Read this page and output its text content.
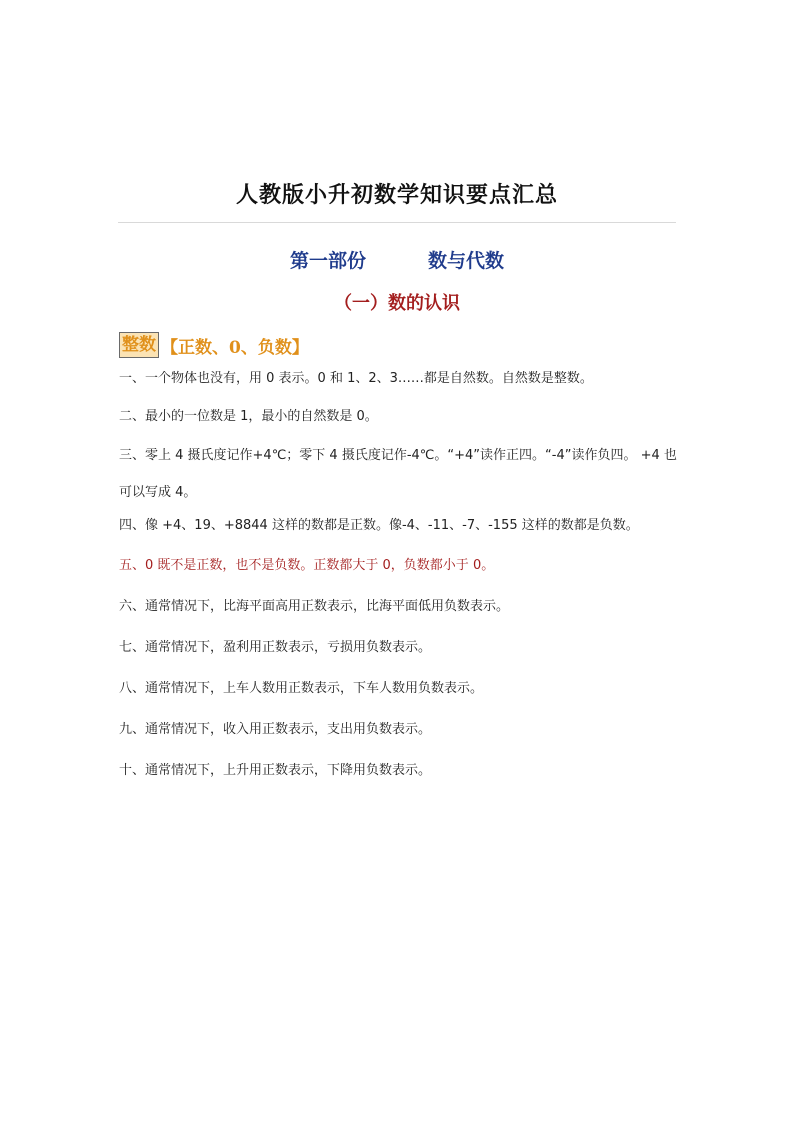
人教版小升初数学知识要点汇总
第一部份	数与代数
（一）数的认识
整数 【正数、0、负数】

一、一个物体也没有，用 0 表示。0 和 1、2、3……都是自然数。自然数是整数。

二、最小的一位数是 1，最小的自然数是 0。

三、零上 4 摄氏度记作+4℃；零下 4 摄氏度记作-4℃。“+4”读作正四。“-4”读作负四。 +4 也可以写成 4。

四、像 +4、19、+8844 这样的数都是正数。像-4、-11、-7、-155 这样的数都是负数。

五、0 既不是正数，也不是负数。正数都大于 0，负数都小于 0。

六、通常情况下，比海平面高用正数表示，比海平面低用负数表示。

七、通常情况下，盈利用正数表示，亏损用负数表示。

八、通常情况下，上车人数用正数表示，下车人数用负数表示。

九、通常情况下，收入用正数表示，支出用负数表示。

十、通常情况下，上升用正数表示，下降用负数表示。
